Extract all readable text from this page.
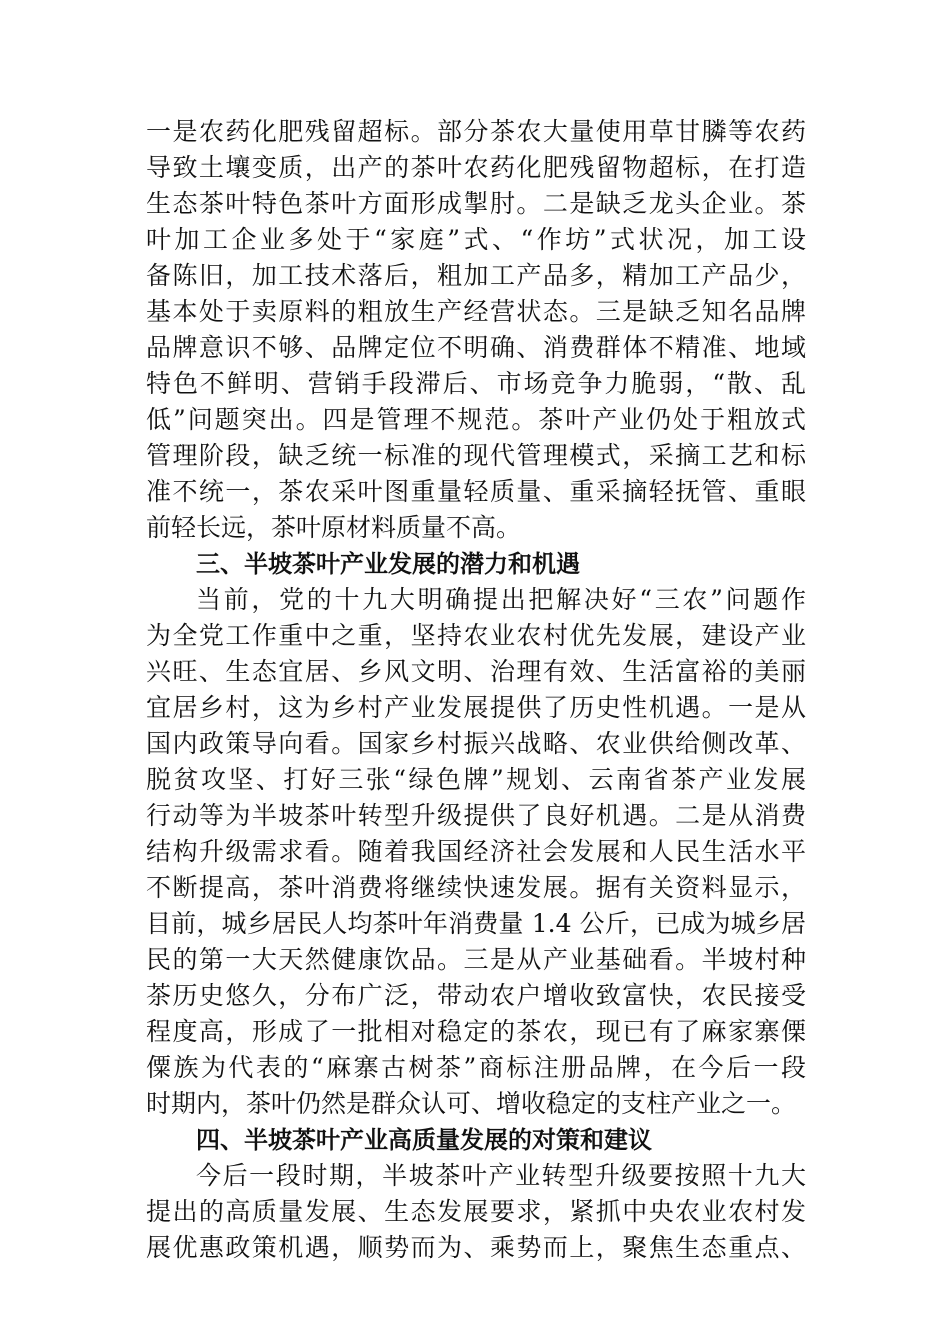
一是农药化肥残留超标。部分茶农大量使用草甘膦等农药
导致土壤变质，出产的茶叶农药化肥残留物超标，在打造
生态茶叶特色茶叶方面形成掣肘。二是缺乏龙头企业。茶
叶加工企业多处于“家庭”式、“作坊”式状况，加工设
备陈旧，加工技术落后，粗加工产品多，精加工产品少，
基本处于卖原料的粗放生产经营状态。三是缺乏知名品牌
品牌意识不够、品牌定位不明确、消费群体不精准、地域
特色不鲜明、营销手段滞后、市场竞争力脆弱，“散、乱
低”问题突出。四是管理不规范。茶叶产业仍处于粗放式
管理阶段，缺乏统一标准的现代管理模式，采摘工艺和标
准不统一，茶农采叶图重量轻质量、重采摘轻抚管、重眼
前轻长远，茶叶原材料质量不高。
三、半坡茶叶产业发展的潜力和机遇
当前，党的十九大明确提出把解决好“三农”问题作
为全党工作重中之重，坚持农业农村优先发展，建设产业
兴旺、生态宜居、乡风文明、治理有效、生活富裕的美丽
宜居乡村，这为乡村产业发展提供了历史性机遇。一是从
国内政策导向看。国家乡村振兴战略、农业供给侧改革、
脱贫攻坚、打好三张“绿色牌”规划、云南省茶产业发展
行动等为半坡茶叶转型升级提供了良好机遇。二是从消费
结构升级需求看。随着我国经济社会发展和人民生活水平
不断提高，茶叶消费将继续快速发展。据有关资料显示，
目前，城乡居民人均茶叶年消费量 1.4 公斤，已成为城乡居
民的第一大天然健康饮品。三是从产业基础看。半坡村种
茶历史悠久，分布广泛，带动农户增收致富快，农民接受
程度高，形成了一批相对稳定的茶农，现已有了麻家寨傈
僳族为代表的“麻寨古树茶”商标注册品牌，在今后一段
时期内，茶叶仍然是群众认可、增收稳定的支柱产业之一。
四、半坡茶叶产业高质量发展的对策和建议
今后一段时期，半坡茶叶产业转型升级要按照十九大
提出的高质量发展、生态发展要求，紧抓中央农业农村发
展优惠政策机遇，顺势而为、乘势而上，聚焦生态重点、
